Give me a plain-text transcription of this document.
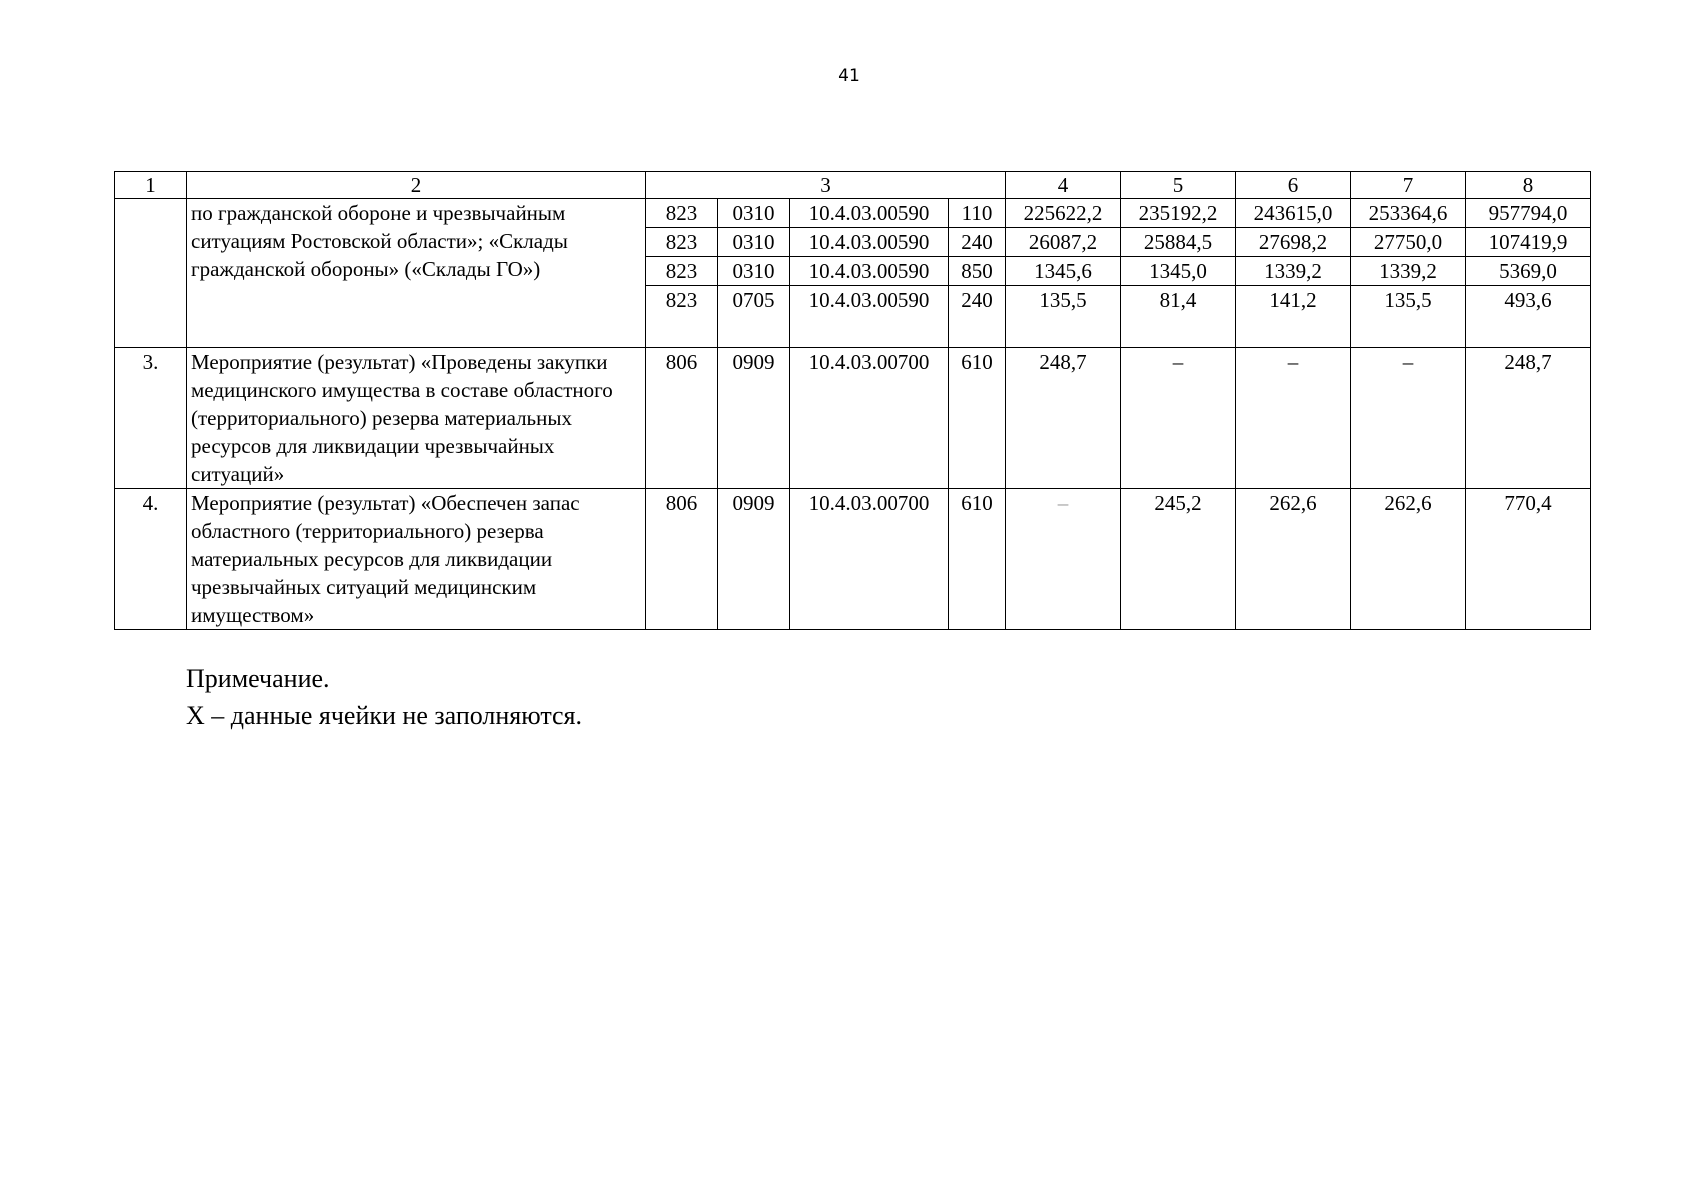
41
1	2	3				4	5	6	7	8
	по гражданской обороне и чрезвычайным ситуациям Ростовской области»; «Склады гражданской обороны» («Склады ГО»)	823	0310	10.4.03.00590	110	225622,2	235192,2	243615,0	253364,6	957794,0
		823	0310	10.4.03.00590	240	26087,2	25884,5	27698,2	27750,0	107419,9
		823	0310	10.4.03.00590	850	1345,6	1345,0	1339,2	1339,2	5369,0
		823	0705	10.4.03.00590	240	135,5	81,4	141,2	135,5	493,6
3.	Мероприятие (результат) «Проведены закупки медицинского имущества в составе областного (территориального) резерва материальных ресурсов для ликвидации чрезвычайных ситуаций»	806	0909	10.4.03.00700	610	248,7	–	–	–	248,7
4.	Мероприятие (результат) «Обеспечен запас областного (территориального) резерва материальных ресурсов для ликвидации чрезвычайных ситуаций медицинским имуществом»	806	0909	10.4.03.00700	610	–	245,2	262,6	262,6	770,4
Примечание.
Х – данные ячейки не заполняются.
